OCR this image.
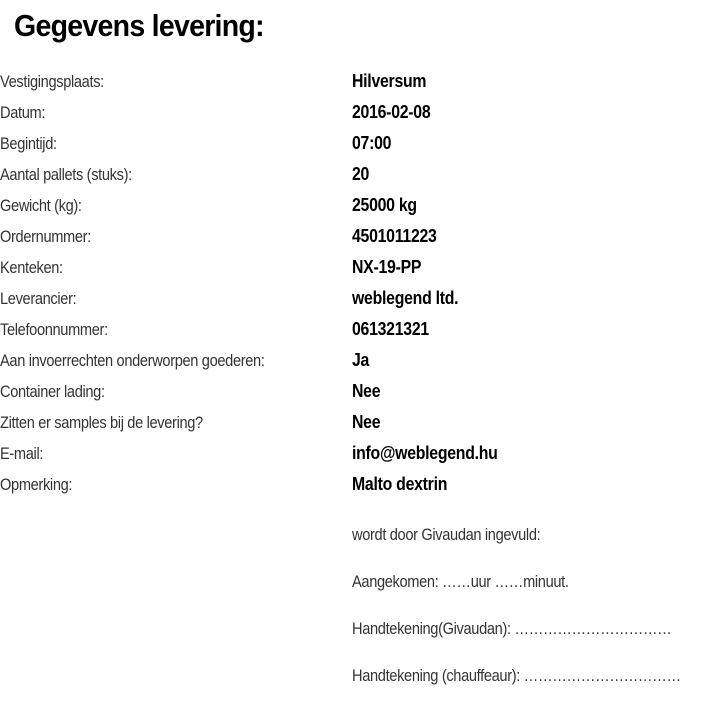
Gegevens levering:
Vestigingsplaats:	Hilversum
Datum:	2016-02-08
Begintijd:	07:00
Aantal pallets (stuks):	20
Gewicht (kg):	25000 kg
Ordernummer:	4501011223
Kenteken:	NX-19-PP
Leverancier:	weblegend ltd.
Telefoonnummer:	061321321
Aan invoerrechten onderworpen goederen:	Ja
Container lading:	Nee
Zitten er samples bij de levering?	Nee
E-mail:	info@weblegend.hu
Opmerking:	Malto dextrin
wordt door Givaudan ingevuld:
Aangekomen: ……uur ……minuut.
Handtekening(Givaudan): ……………………………
Handtekening (chauffeaur): ……………………………
